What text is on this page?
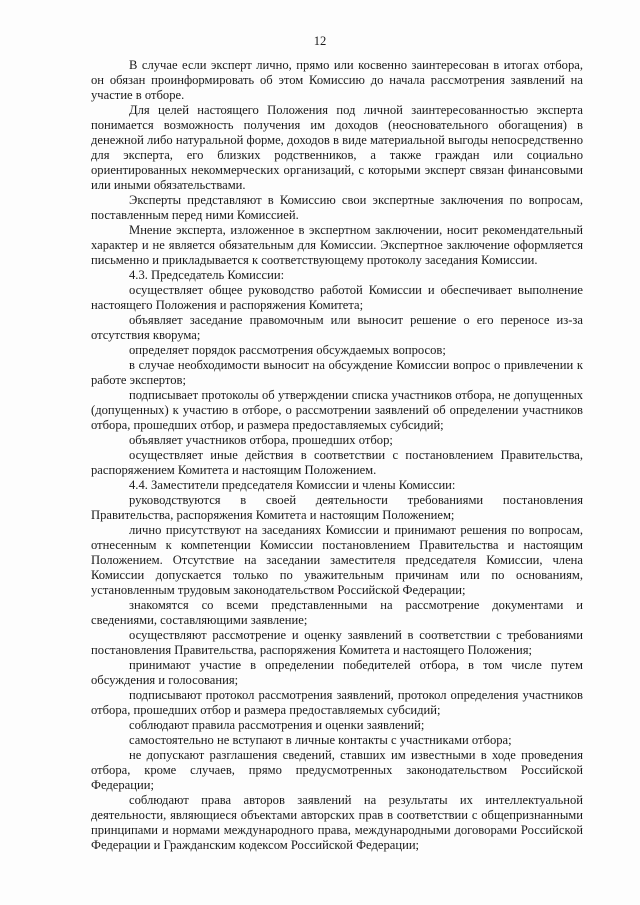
12

В случае если эксперт лично, прямо или косвенно заинтересован в итогах отбора, он обязан проинформировать об этом Комиссию до начала рассмотрения заявлений на участие в отборе.

Для целей настоящего Положения под личной заинтересованностью эксперта понимается возможность получения им доходов (неосновательного обогащения) в денежной либо натуральной форме, доходов в виде материальной выгоды непосредственно для эксперта, его близких родственников, а также граждан или социально ориентированных некоммерческих организаций, с которыми эксперт связан финансовыми или иными обязательствами.

Эксперты представляют в Комиссию свои экспертные заключения по вопросам, поставленным перед ними Комиссией.

Мнение эксперта, изложенное в экспертном заключении, носит рекомендательный характер и не является обязательным для Комиссии. Экспертное заключение оформляется письменно и прикладывается к соответствующему протоколу заседания Комиссии.

4.3. Председатель Комиссии:

осуществляет общее руководство работой Комиссии и обеспечивает выполнение настоящего Положения и распоряжения Комитета;

объявляет заседание правомочным или выносит решение о его переносе из-за отсутствия кворума;

определяет порядок рассмотрения обсуждаемых вопросов;

в случае необходимости выносит на обсуждение Комиссии вопрос о привлечении к работе экспертов;

подписывает протоколы об утверждении списка участников отбора, не допущенных (допущенных) к участию в отборе, о рассмотрении заявлений об определении участников отбора, прошедших отбор, и размера предоставляемых субсидий;

объявляет участников отбора, прошедших отбор;

осуществляет иные действия в соответствии с постановлением Правительства, распоряжением Комитета и настоящим Положением.

4.4. Заместители председателя Комиссии и члены Комиссии:

руководствуются в своей деятельности требованиями постановления Правительства, распоряжения Комитета и настоящим Положением;

лично присутствуют на заседаниях Комиссии и принимают решения по вопросам, отнесенным к компетенции Комиссии постановлением Правительства и настоящим Положением. Отсутствие на заседании заместителя председателя Комиссии, члена Комиссии допускается только по уважительным причинам или по основаниям, установленным трудовым законодательством Российской Федерации;

знакомятся со всеми представленными на рассмотрение документами и сведениями, составляющими заявление;

осуществляют рассмотрение и оценку заявлений в соответствии с требованиями постановления Правительства, распоряжения Комитета и настоящего Положения;

принимают участие в определении победителей отбора, в том числе путем обсуждения и голосования;

подписывают протокол рассмотрения заявлений, протокол определения участников отбора, прошедших отбор и размера предоставляемых субсидий;

соблюдают правила рассмотрения и оценки заявлений;

самостоятельно не вступают в личные контакты с участниками отбора;

не допускают разглашения сведений, ставших им известными в ходе проведения отбора, кроме случаев, прямо предусмотренных законодательством Российской Федерации;

соблюдают права авторов заявлений на результаты их интеллектуальной деятельности, являющиеся объектами авторских прав в соответствии с общепризнанными принципами и нормами международного права, международными договорами Российской Федерации и Гражданским кодексом Российской Федерации;
